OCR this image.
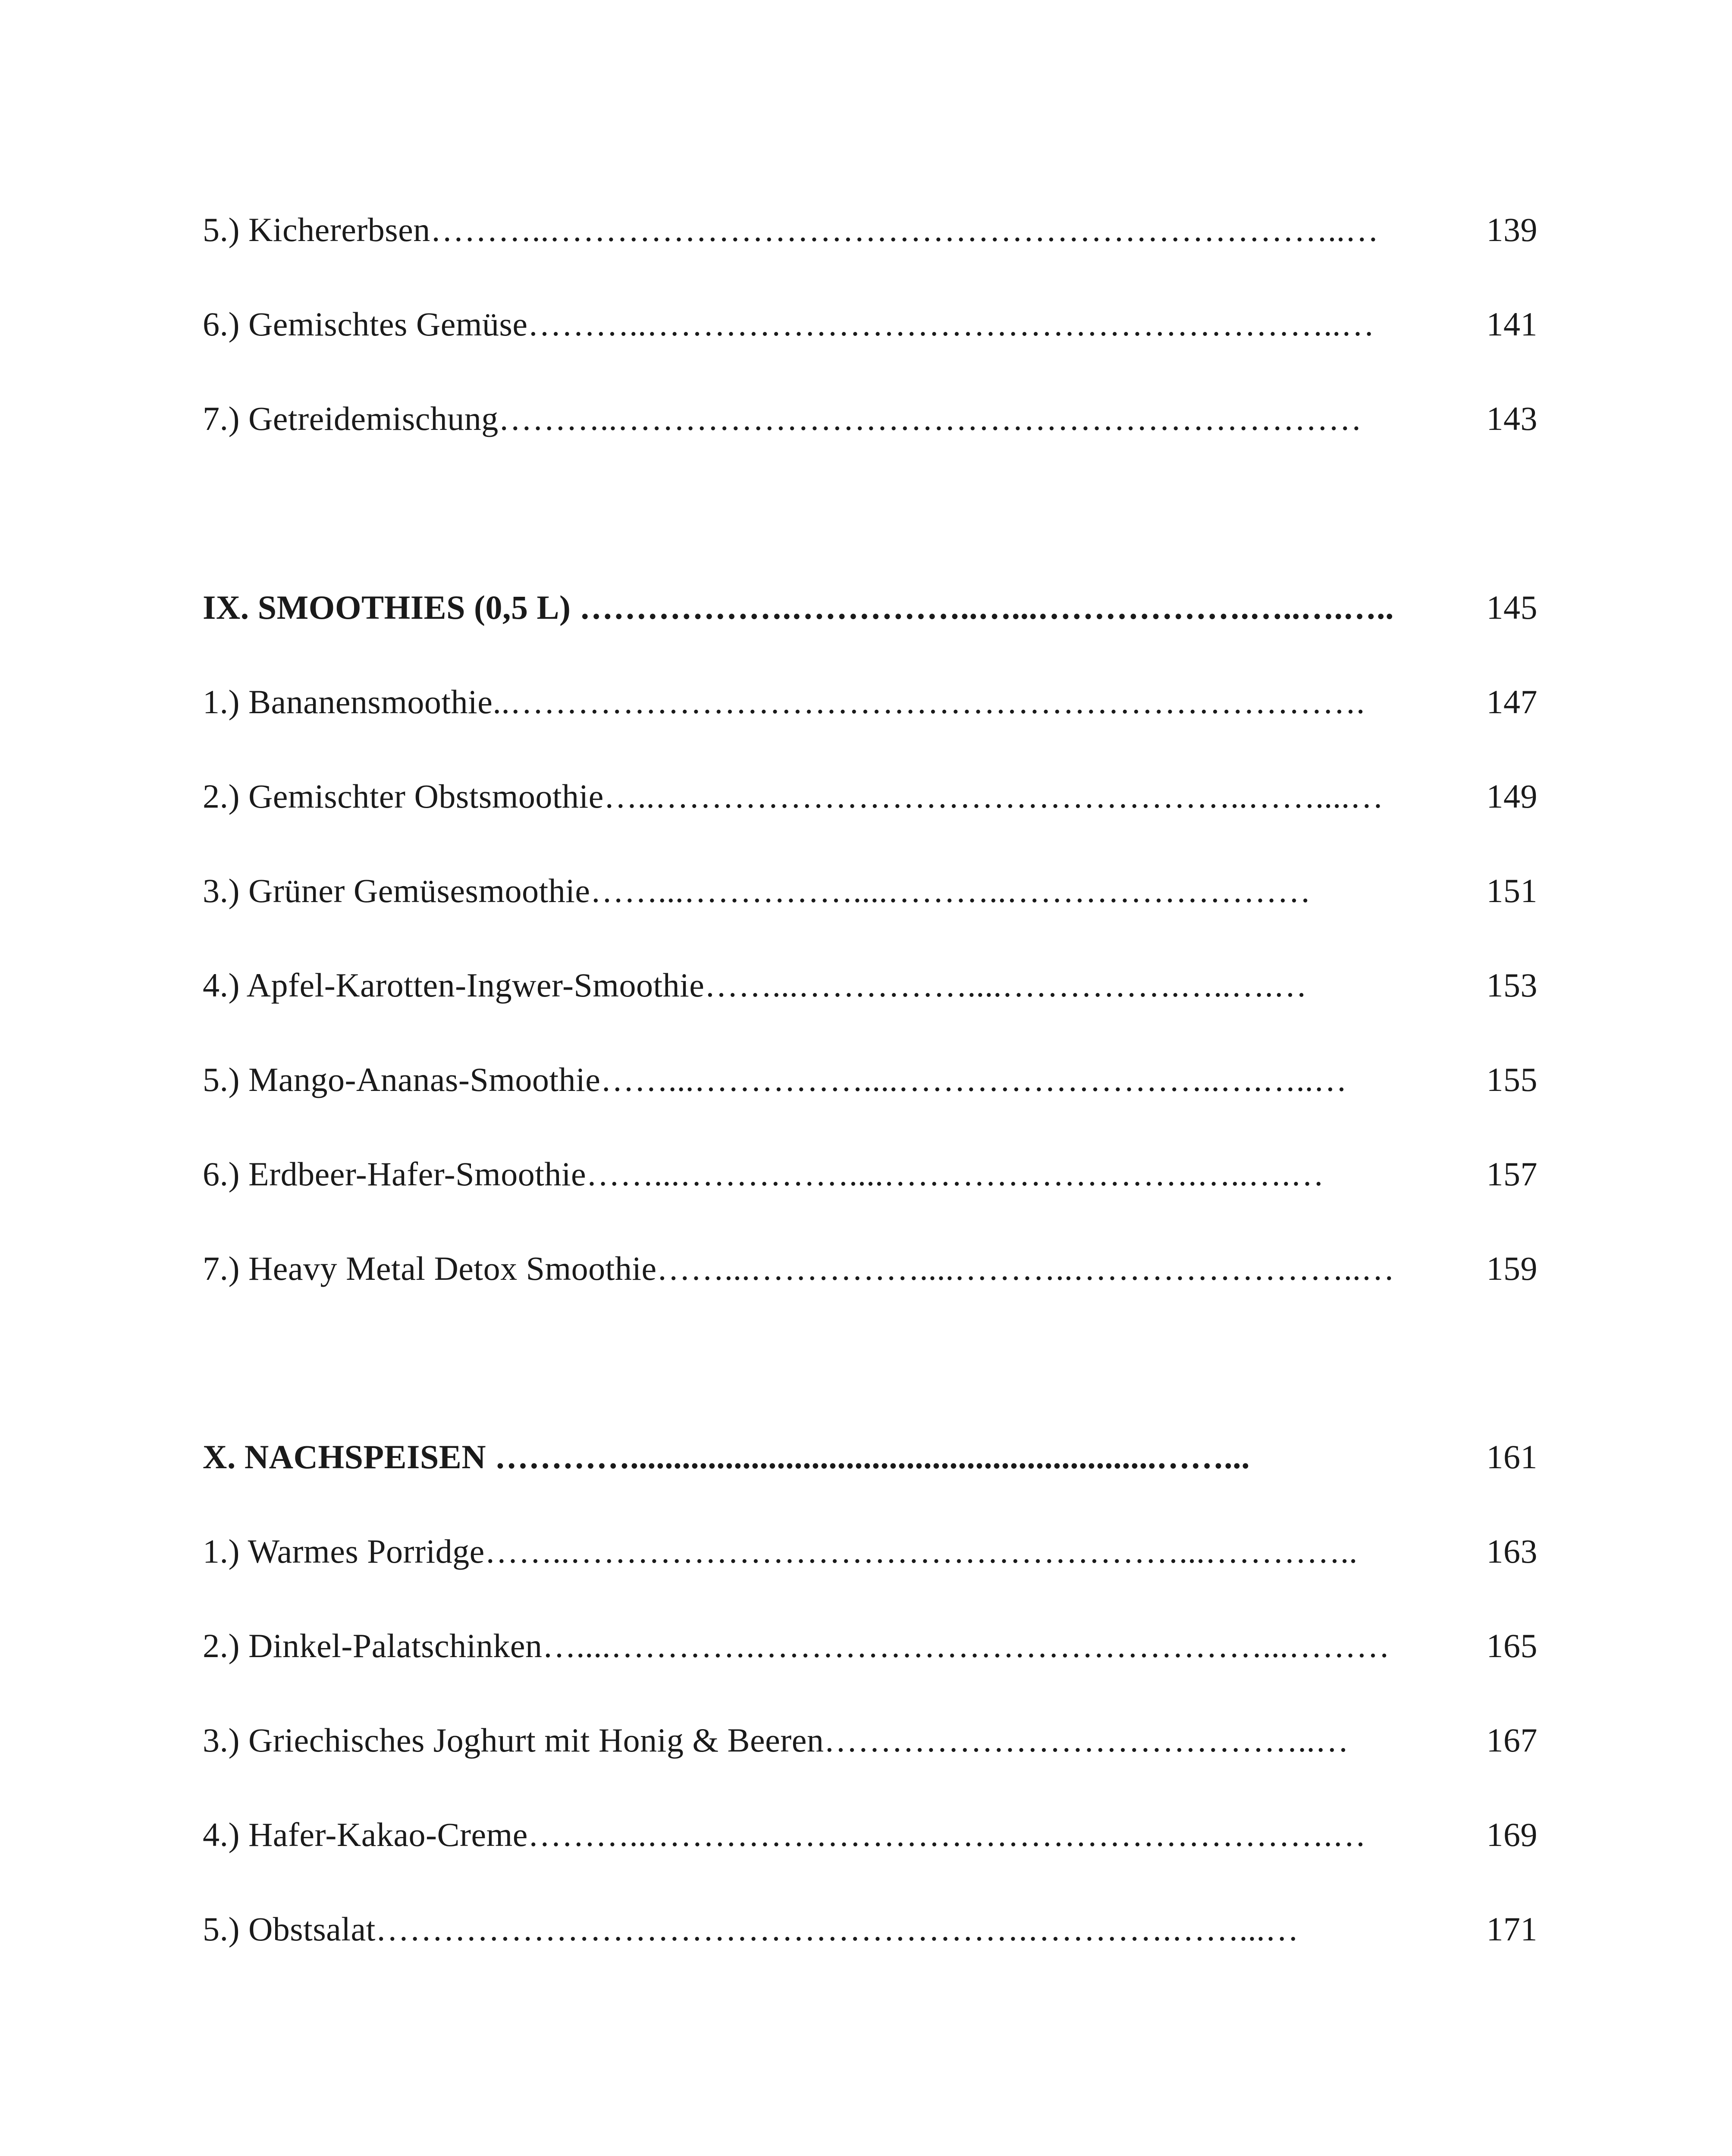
5.) Kichererbsen………..……………………………………………………………..…	139
6.) Gemischtes Gemüse………..……………………………………………………..…	141
7.) Getreidemischung………..…………………………………………………………	143
IX. SMOOTHIES (0,5 L) ……………….……………..…...……………….…..….…..	145
1.) Bananensmoothie..………………………………………………………………….	147
2.) Gemischter Obstsmoothie…..……………………………………………..……....…	149
3.) Grüner Gemüsesmoothie……...……………....………..………………………	151
4.) Apfel-Karotten-Ingwer-Smoothie……...……………....…………….…..….…	153
5.) Mango-Ananas-Smoothie……...……………....………………………..….…..…	155
6.) Erdbeer-Hafer-Smoothie……...……………....……………………….…..….…	157
7.) Heavy Metal Detox Smoothie……...……………....………..……………………..…	159
X. NACHSPEISEN ………….............................................................……...	161
1.) Warmes Porridge……..………………………………………………...…………..	163
2.) Dinkel-Palatschinken…....………….………………………………………...………	165
3.) Griechisches Joghurt mit Honig & Beeren……………………………………..…	167
4.) Hafer-Kakao-Creme………..…………………………………………………….…	169
5.) Obstsalat………………………………………………….………….……...…	171
